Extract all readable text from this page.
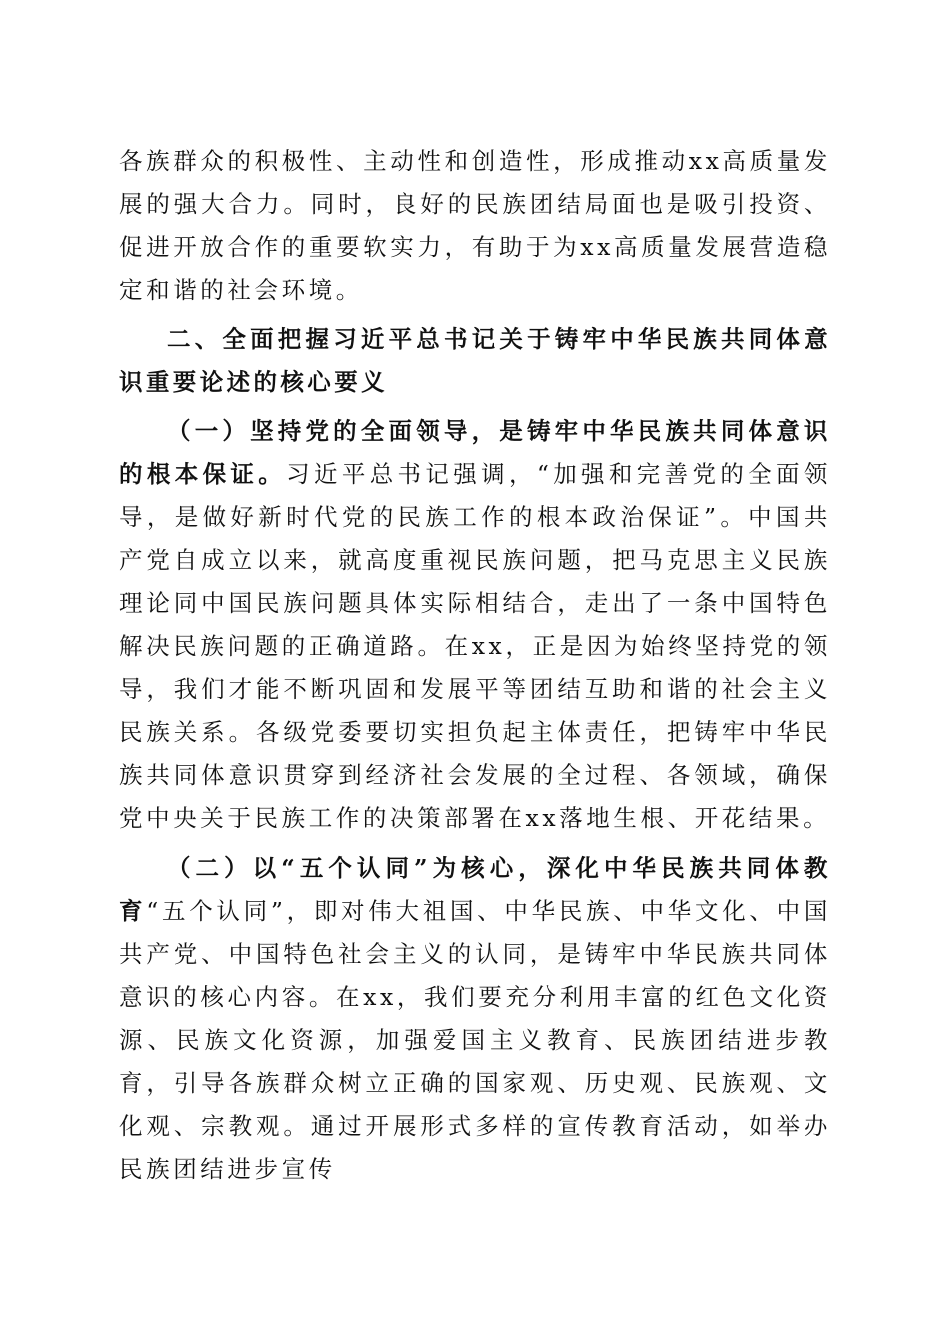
各族群众的积极性、主动性和创造性，形成推动xx高质量发展的强大合力。同时，良好的民族团结局面也是吸引投资、促进开放合作的重要软实力，有助于为xx高质量发展营造稳定和谐的社会环境。

二、全面把握习近平总书记关于铸牢中华民族共同体意识重要论述的核心要义

（一）坚持党的全面领导，是铸牢中华民族共同体意识的根本保证。习近平总书记强调，“加强和完善党的全面领导，是做好新时代党的民族工作的根本政治保证”。中国共产党自成立以来，就高度重视民族问题，把马克思主义民族理论同中国民族问题具体实际相结合，走出了一条中国特色解决民族问题的正确道路。在xx，正是因为始终坚持党的领导，我们才能不断巩固和发展平等团结互助和谐的社会主义民族关系。各级党委要切实担负起主体责任，把铸牢中华民族共同体意识贯穿到经济社会发展的全过程、各领域，确保党中央关于民族工作的决策部署在xx落地生根、开花结果。

（二）以“五个认同”为核心，深化中华民族共同体教育“五个认同”，即对伟大祖国、中华民族、中华文化、中国共产党、中国特色社会主义的认同，是铸牢中华民族共同体意识的核心内容。在xx，我们要充分利用丰富的红色文化资源、民族文化资源，加强爱国主义教育、民族团结进步教育，引导各族群众树立正确的国家观、历史观、民族观、文化观、宗教观。通过开展形式多样的宣传教育活动，如举办民族团结进步宣传
